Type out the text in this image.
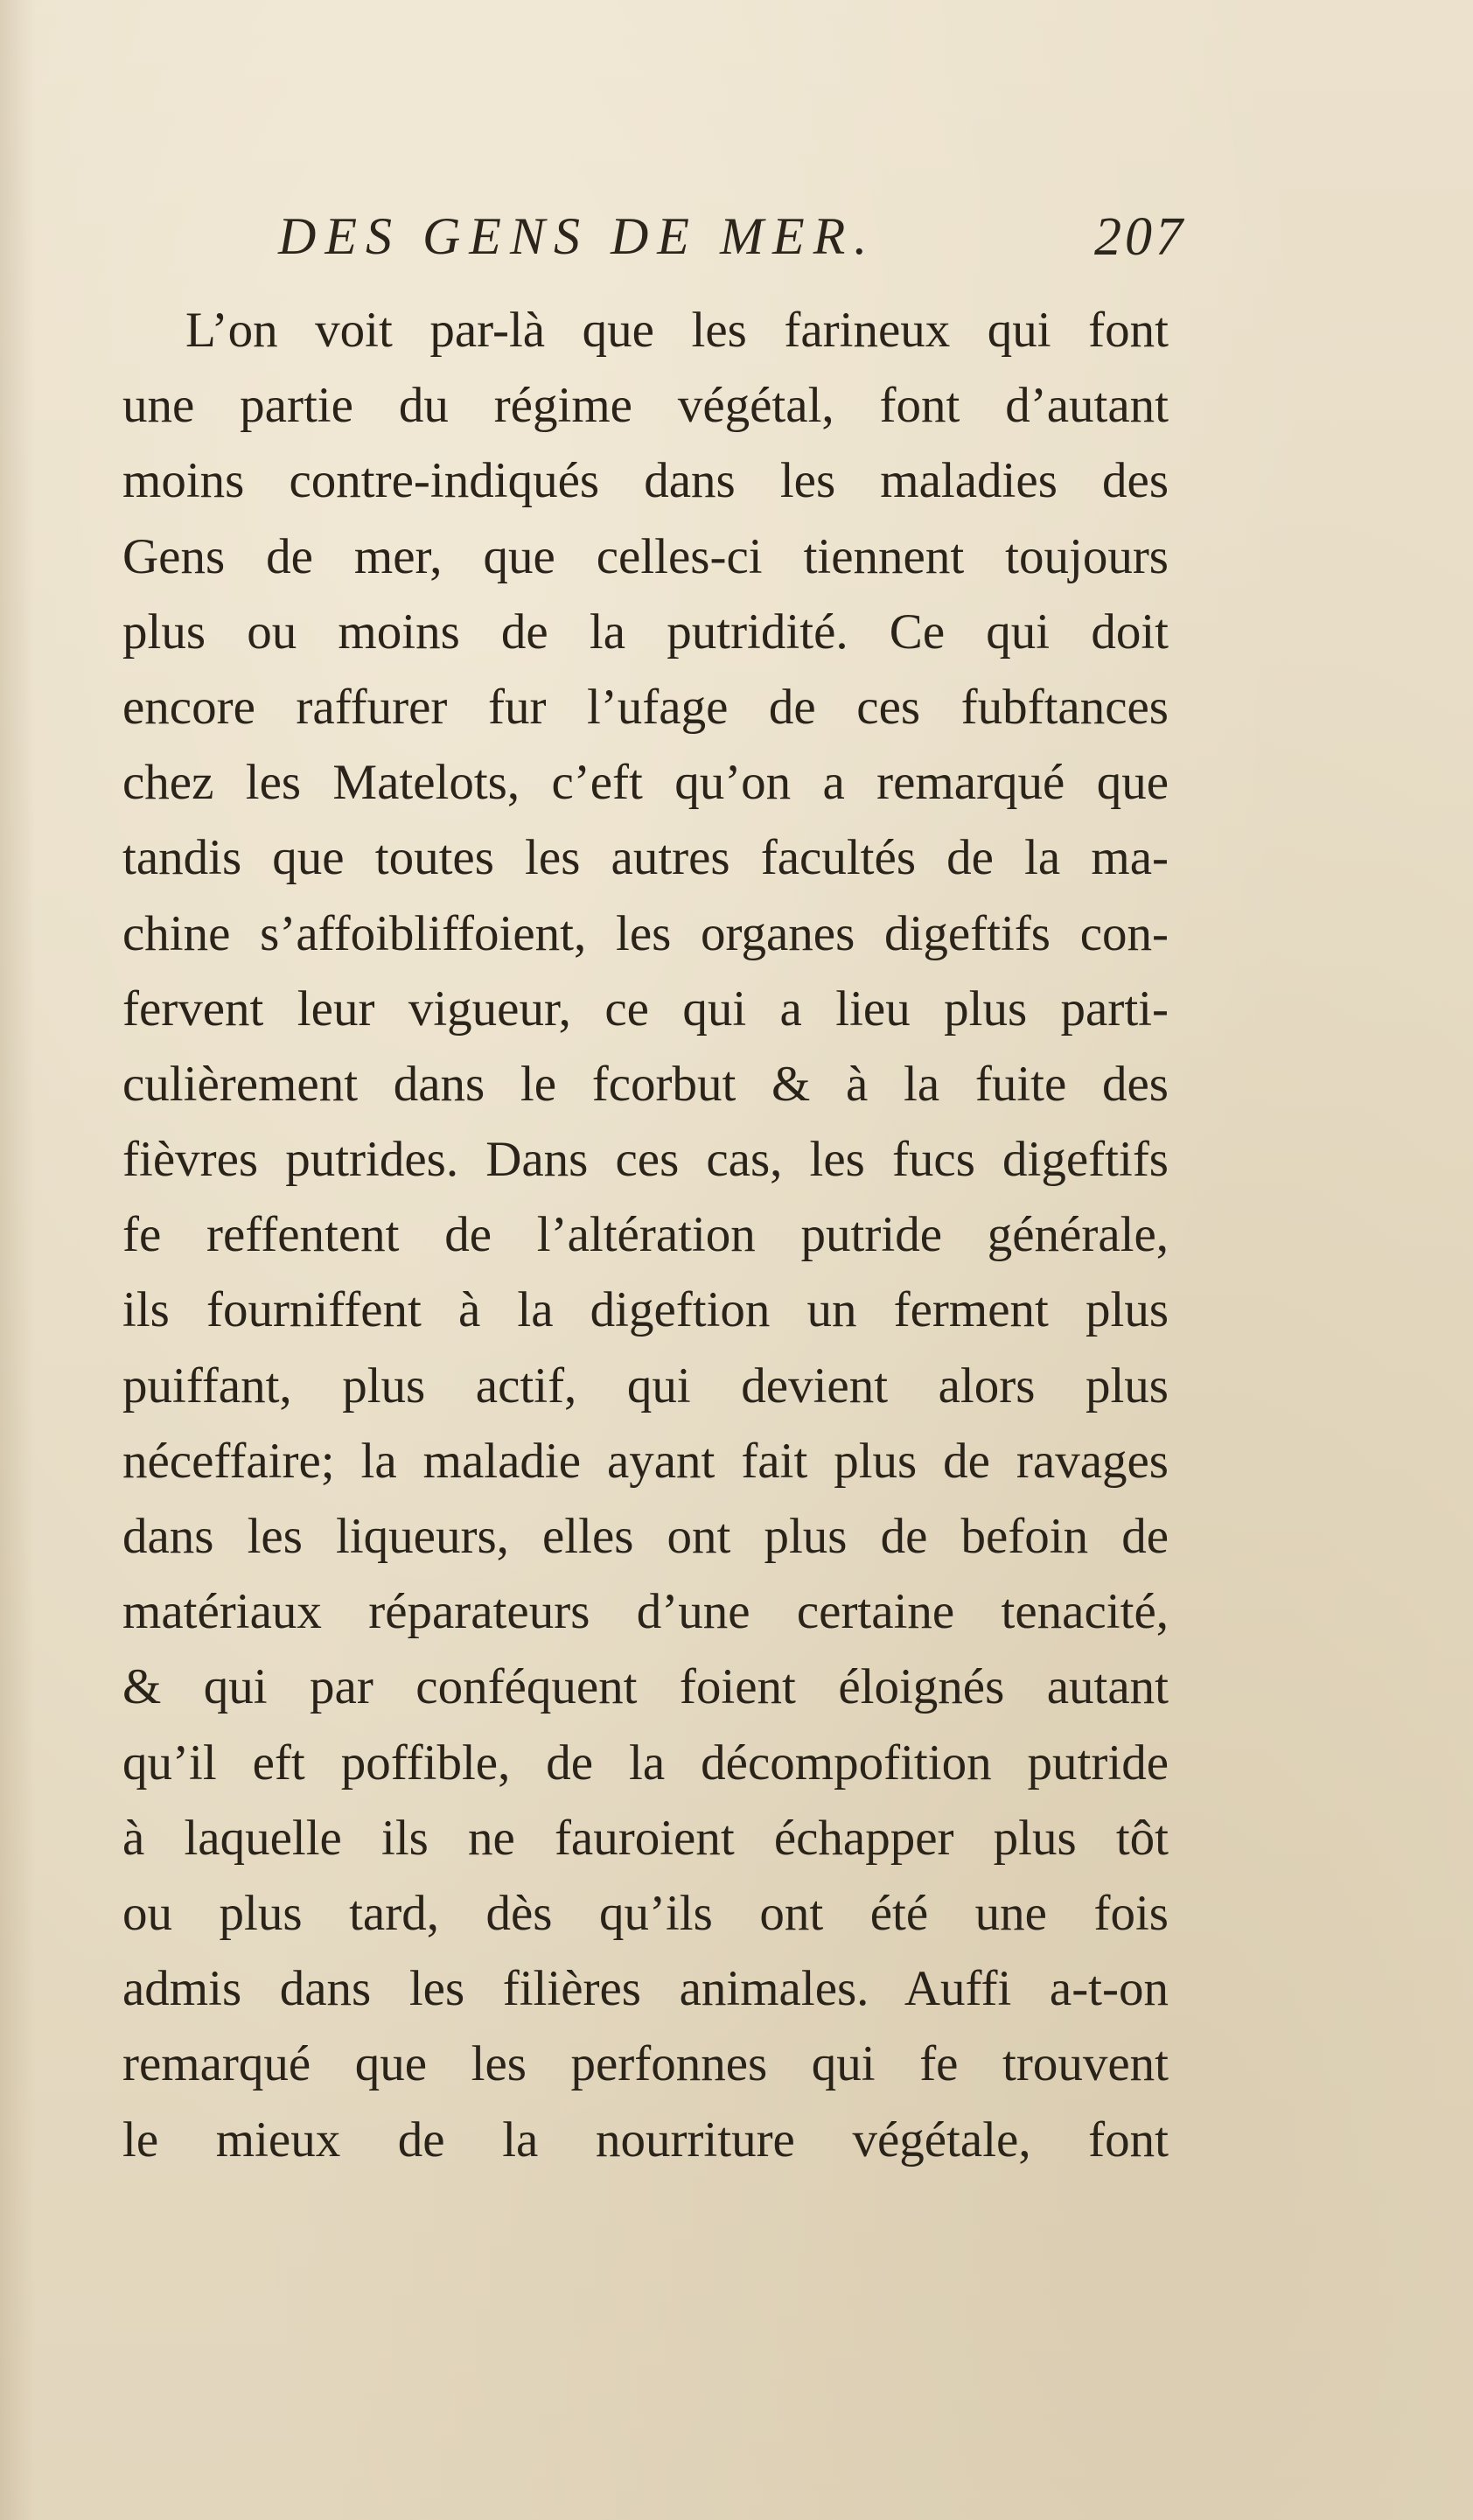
DES GENS DE MER.	207
L’on voit par-là que les farineux qui font
une partie du régime végétal, font d’autant
moins contre-indiqués dans les maladies des
Gens de mer, que celles-ci tiennent toujours
plus ou moins de la putridité. Ce qui doit
encore raffurer fur l’ufage de ces fubftances
chez les Matelots, c’eft qu’on a remarqué que
tandis que toutes les autres facultés de la ma-
chine s’affoibliffoient, les organes digeftifs con-
fervent leur vigueur, ce qui a lieu plus parti-
culièrement dans le fcorbut & à la fuite des
fièvres putrides. Dans ces cas, les fucs digeftifs
fe reffentent de l’altération putride générale,
ils fourniffent à la digeftion un ferment plus
puiffant, plus actif, qui devient alors plus
néceffaire; la maladie ayant fait plus de ravages
dans les liqueurs, elles ont plus de befoin de
matériaux réparateurs d’une certaine tenacité,
& qui par conféquent foient éloignés autant
qu’il eft poffible, de la décompofition putride
à laquelle ils ne fauroient échapper plus tôt
ou plus tard, dès qu’ils ont été une fois
admis dans les filières animales. Auffi a-t-on
remarqué que les perfonnes qui fe trouvent
le mieux de la nourriture végétale, font
